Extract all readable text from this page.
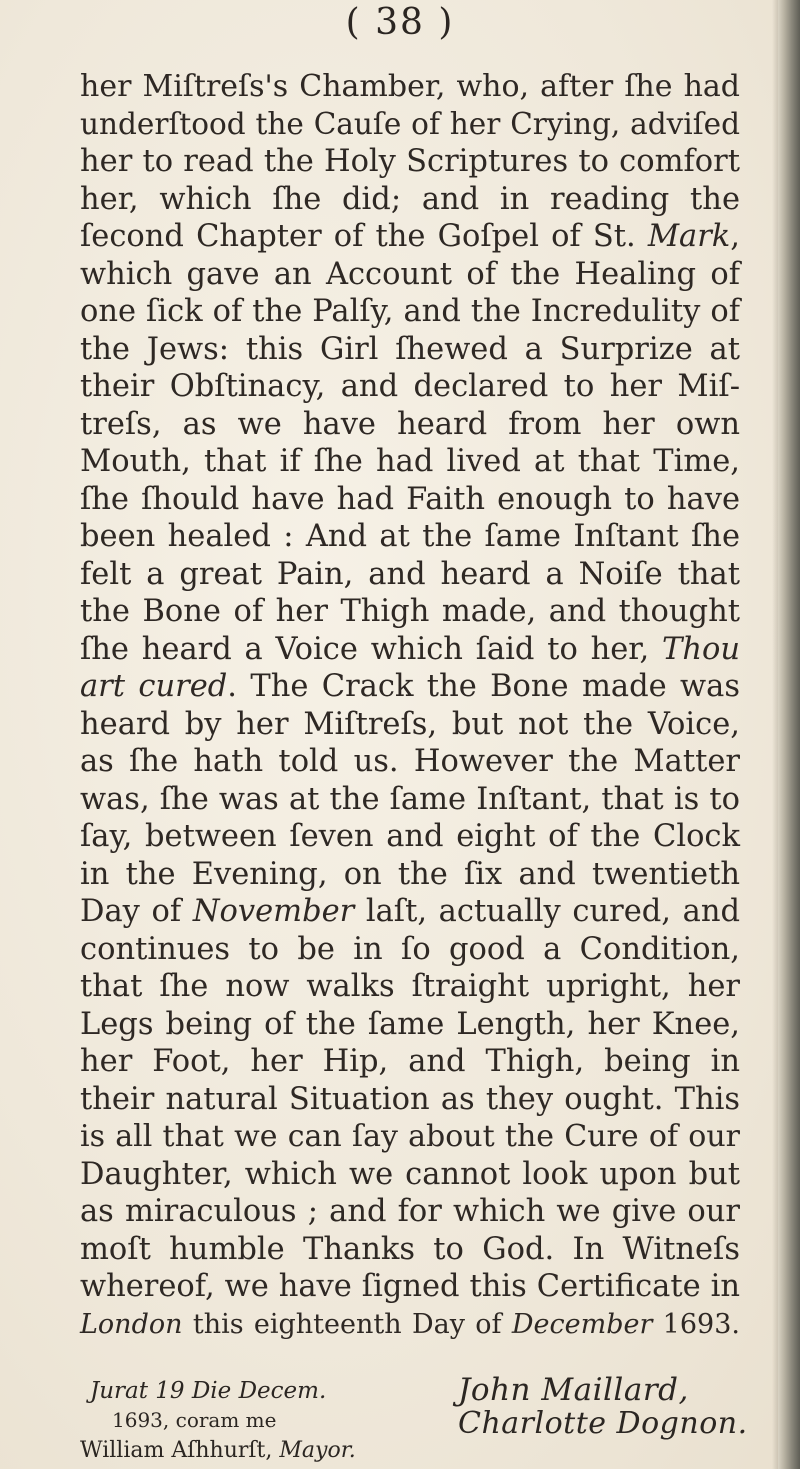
( 38 )
her Miſtreſs's Chamber, who, after ſhe had
underſtood the Cauſe of her Crying, adviſed
her to read the Holy Scriptures to comfort
her, which ſhe did; and in reading the
ſecond Chapter of the Goſpel of St. Mark,
which gave an Account of the Healing of
one ſick of the Palſy, and the Incredulity of
the Jews: this Girl ſhewed a Surprize at
their Obſtinacy, and declared to her Miſ-
treſs, as we have heard from her own
Mouth, that if ſhe had lived at that Time,
ſhe ſhould have had Faith enough to have
been healed : And at the ſame Inſtant ſhe
felt a great Pain, and heard a Noiſe that
the Bone of her Thigh made, and thought
ſhe heard a Voice which ſaid to her, Thou
art cured. The Crack the Bone made was
heard by her Miſtreſs, but not the Voice,
as ſhe hath told us. However the Matter
was, ſhe was at the ſame Inſtant, that is to
ſay, between ſeven and eight of the Clock
in the Evening, on the ſix and twentieth
Day of November laſt, actually cured, and
continues to be in ſo good a Condition,
that ſhe now walks ſtraight upright, her
Legs being of the ſame Length, her Knee,
her Foot, her Hip, and Thigh, being in
their natural Situation as they ought. This
is all that we can ſay about the Cure of our
Daughter, which we cannot look upon but
as miraculous ; and for which we give our
moſt humble Thanks to God. In Witneſs
whereof, we have ſigned this Certificate in
London this eighteenth Day of December 1693.
Jurat 19 Die Decem.	John Maillard,
1693, coram me	Charlotte Dognon.
William Aſhhurſt, Mayor.
